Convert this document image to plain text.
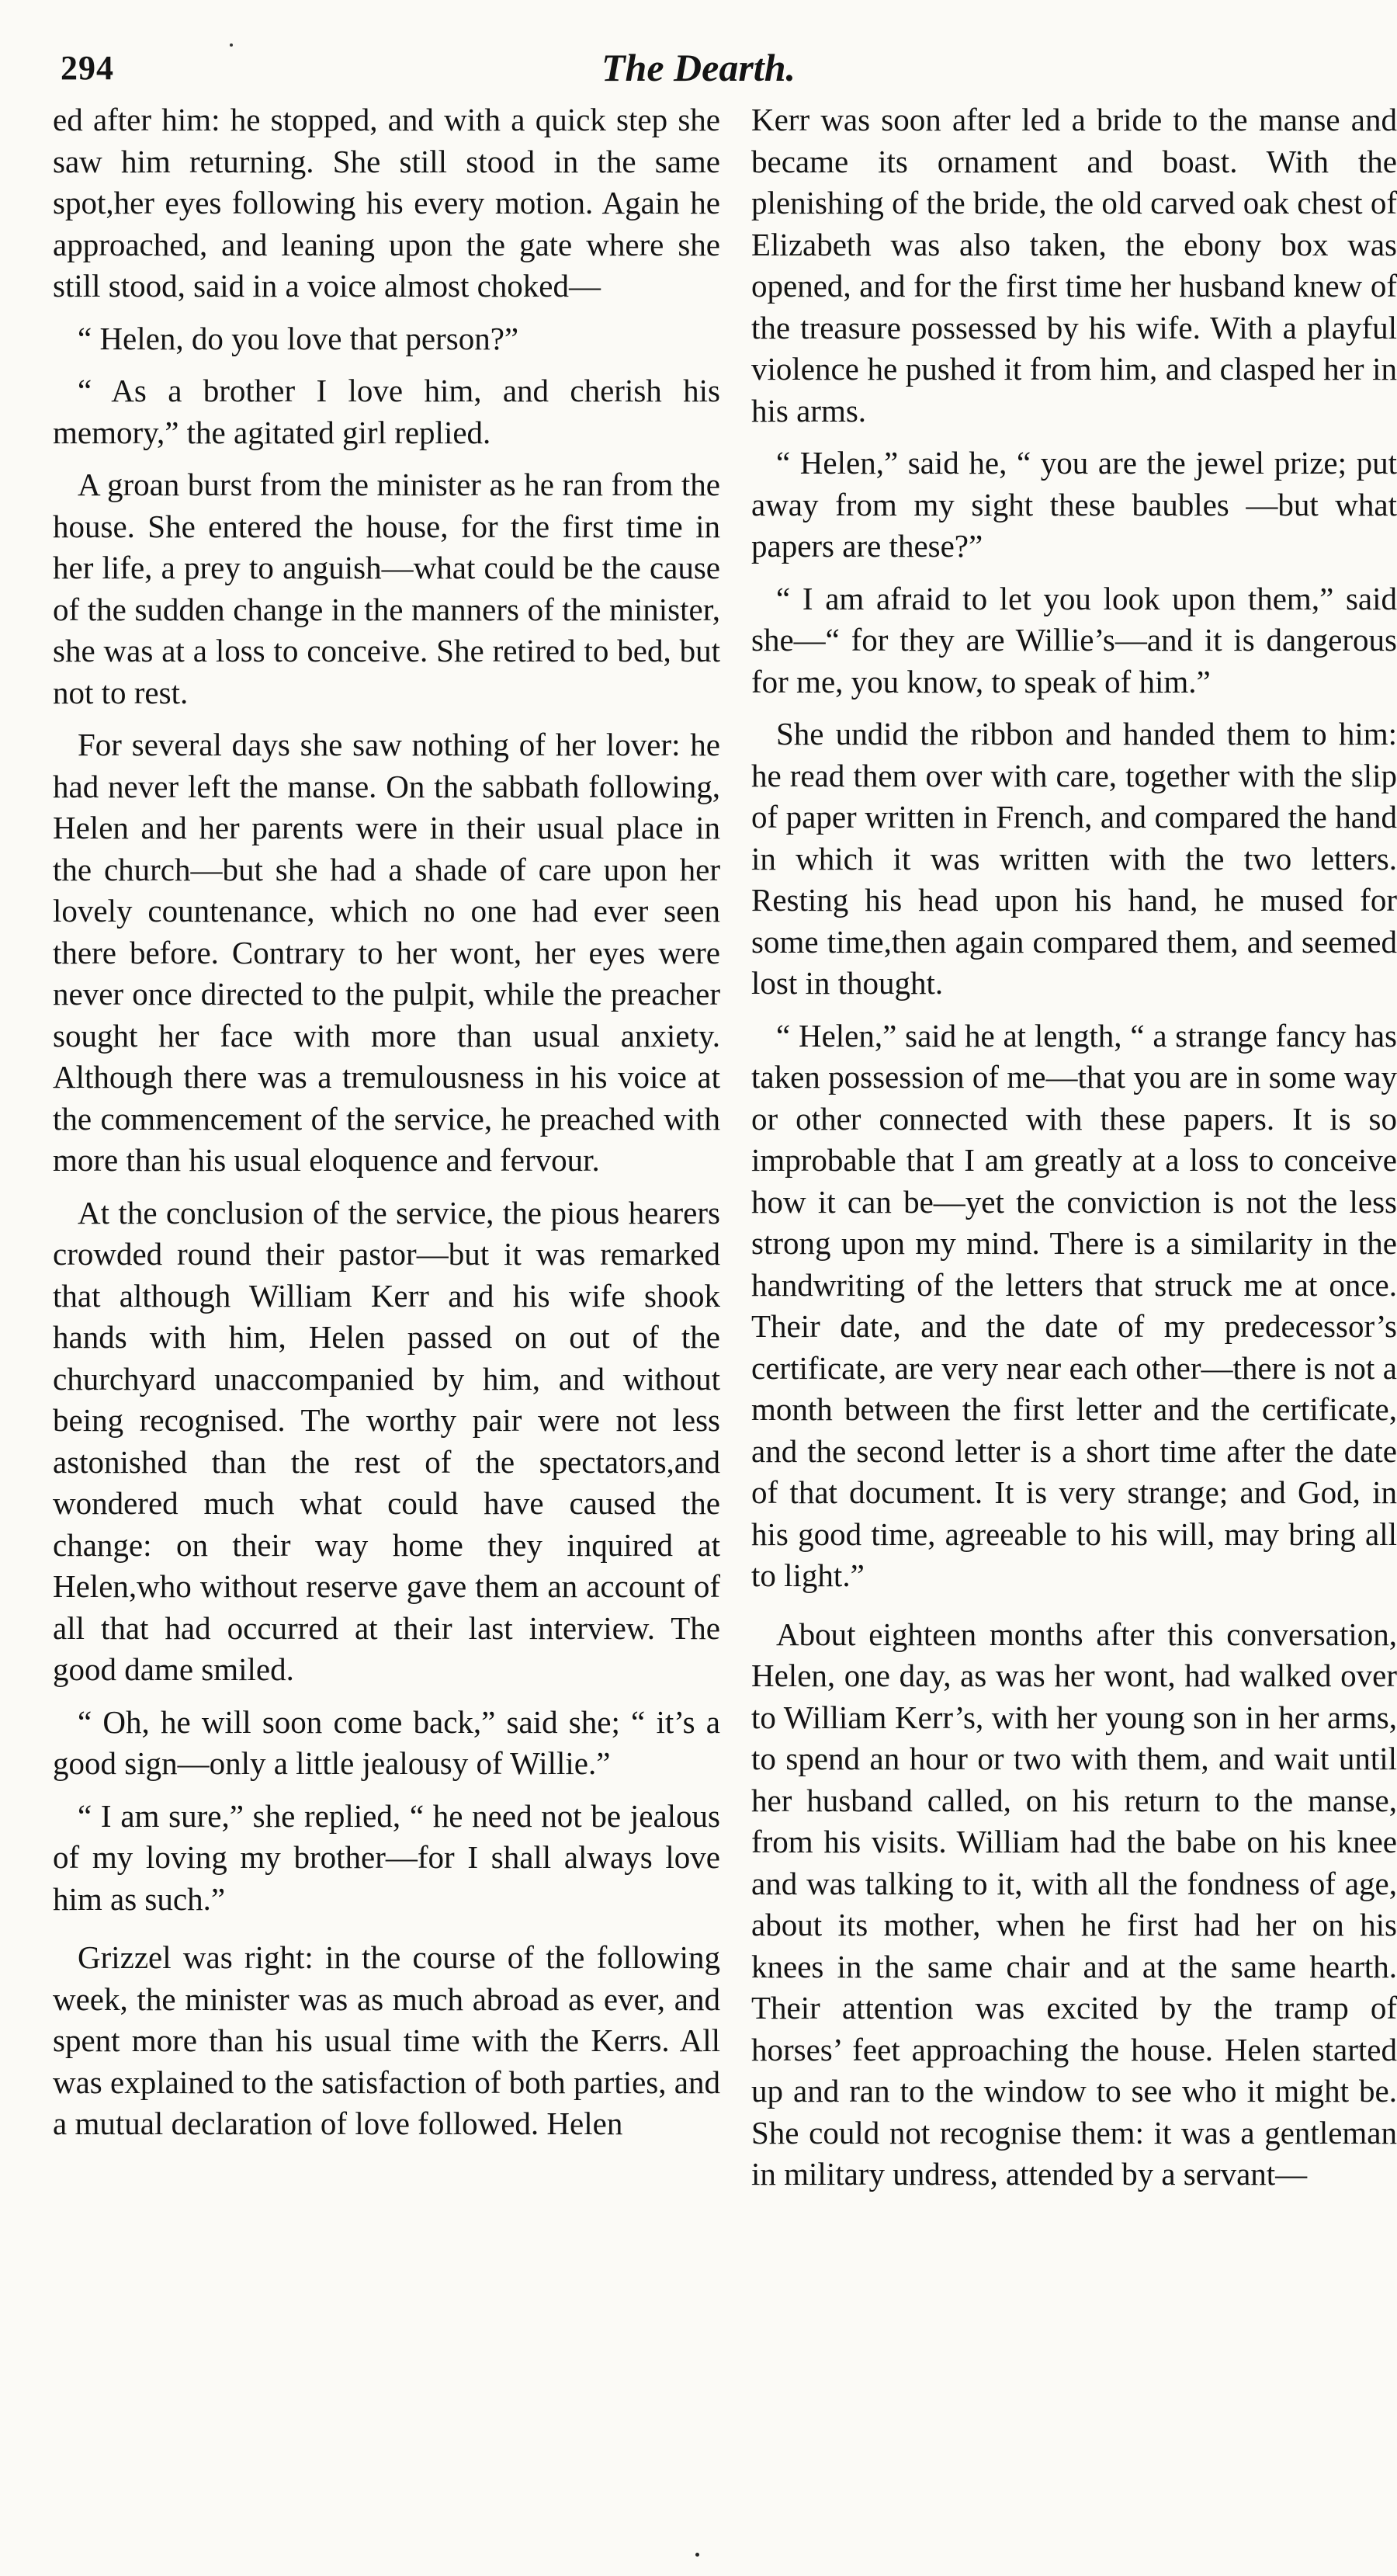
294	The Dearth.

ed after him: he stopped, and with a quick step she saw him returning. She still stood in the same spot,her eyes following his every motion. Again he approached, and leaning upon the gate where she still stood, said in a voice almost choked—

“ Helen, do you love that person?”

“ As a brother I love him, and cherish his memory,” the agitated girl replied.

A groan burst from the minister as he ran from the house. She entered the house, for the first time in her life, a prey to anguish—what could be the cause of the sudden change in the manners of the minister, she was at a loss to conceive. She retired to bed, but not to rest.

For several days she saw nothing of her lover: he had never left the manse. On the sabbath following, Helen and her parents were in their usual place in the church—but she had a shade of care upon her lovely countenance, which no one had ever seen there before. Contrary to her wont, her eyes were never once directed to the pulpit, while the preacher sought her face with more than usual anxiety. Although there was a tremulousness in his voice at the commencement of the service, he preached with more than his usual eloquence and fervour.

At the conclusion of the service, the pious hearers crowded round their pastor—but it was remarked that although William Kerr and his wife shook hands with him, Helen passed on out of the churchyard unaccompanied by him, and without being recognised. The worthy pair were not less astonished than the rest of the spectators,and wondered much what could have caused the change: on their way home they inquired at Helen,who without reserve gave them an account of all that had occurred at their last interview. The good dame smiled.

“ Oh, he will soon come back,” said she; “ it’s a good sign—only a little jealousy of Willie.”

“ I am sure,” she replied, “ he need not be jealous of my loving my brother—for I shall always love him as such.”

Grizzel was right: in the course of the following week, the minister was as much abroad as ever, and spent more than his usual time with the Kerrs. All was explained to the satisfaction of both parties, and a mutual declaration of love followed. Helen

Kerr was soon after led a bride to the manse and became its ornament and boast. With the plenishing of the bride, the old carved oak chest of Elizabeth was also taken, the ebony box was opened, and for the first time her husband knew of the treasure possessed by his wife. With a playful violence he pushed it from him, and clasped her in his arms.

“ Helen,” said he, “ you are the jewel prize; put away from my sight these baubles —but what papers are these?”

“ I am afraid to let you look upon them,” said she—“ for they are Willie’s—and it is dangerous for me, you know, to speak of him.”

She undid the ribbon and handed them to him: he read them over with care, together with the slip of paper written in French, and compared the hand in which it was written with the two letters. Resting his head upon his hand, he mused for some time,then again compared them, and seemed lost in thought.

“ Helen,” said he at length, “ a strange fancy has taken possession of me—that you are in some way or other connected with these papers. It is so improbable that I am greatly at a loss to conceive how it can be—yet the conviction is not the less strong upon my mind. There is a similarity in the handwriting of the letters that struck me at once. Their date, and the date of my predecessor’s certificate, are very near each other—there is not a month between the first letter and the certificate, and the second letter is a short time after the date of that document. It is very strange; and God, in his good time, agreeable to his will, may bring all to light.”

About eighteen months after this conversation, Helen, one day, as was her wont, had walked over to William Kerr’s, with her young son in her arms, to spend an hour or two with them, and wait until her husband called, on his return to the manse, from his visits. William had the babe on his knee and was talking to it, with all the fondness of age, about its mother, when he first had her on his knees in the same chair and at the same hearth. Their attention was excited by the tramp of horses’ feet approaching the house. Helen started up and ran to the window to see who it might be. She could not recognise them: it was a gentleman in military undress, attended by a servant—
